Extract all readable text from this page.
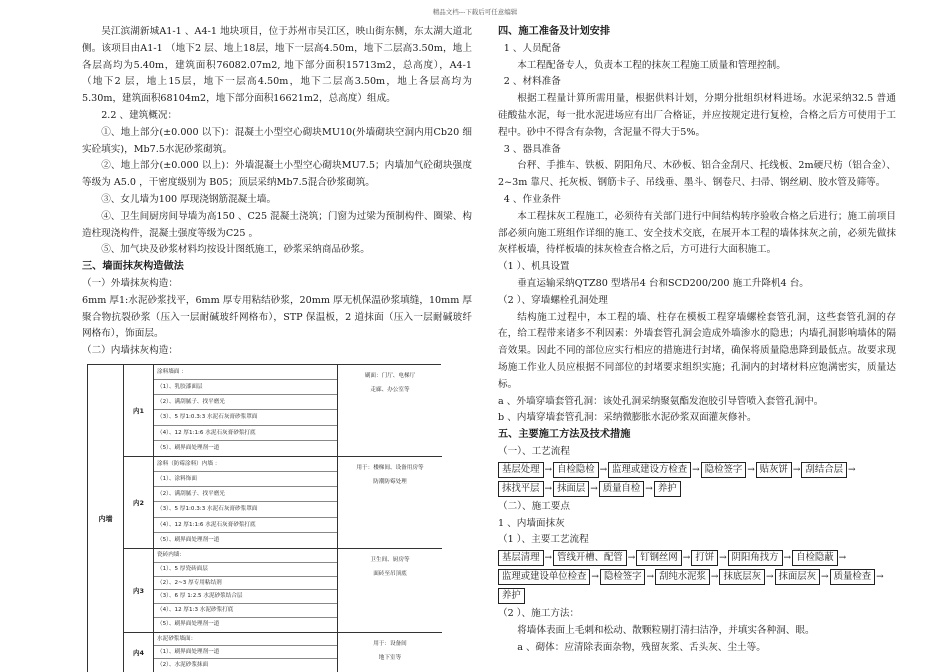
精品文档---下载后可任意编辑
吴江滨湖新城A1-1 、A4-1 地块项目，位于苏州市吴江区，映山街东侧，东太湖大道北侧。该项目由A1-1 （地下2 层、地上18层，地下一层高4.50m，地下二层高3.50m，地上各层高均为5.40m，建筑面积76082.07m2, 地下部分面积15713m2，总高度），A4-1 （地下2 层，地上15层，地下一层高4.50m，地下二层高3.50m，地上各层高均为5.30m，建筑面积68104m2，地下部分面积16621m2，总高度）组成。
2.2 、建筑概况：
①、地上部分(±0.000 以下)：混凝土小型空心砌块MU10(外墙砌块空洞内用Cb20 细实砼填实)，Mb7.5水泥砂浆砌筑。
②、地上部分(±0.000 以上)：外墙混凝土小型空心砌块MU7.5；内墙加气砼砌块强度等级为 A5.0 ，干密度级别为 B05；顶层采纳Mb7.5混合砂浆砌筑。
③、女儿墙为100 厚现浇钢筋混凝土墙。
④、卫生间厨房间导墙为高150 、C25 混凝土浇筑；门窗为过梁为预制构件、圈梁、构造柱现浇构件，混凝土强度等级为C25 。
⑤、加气块及砂浆材料均按设计图纸施工，砂浆采纳商品砂浆。
三、墙面抹灰构造做法
（一）外墙抹灰构造：
6mm 厚1:水泥砂浆找平，6mm 厚专用粘结砂浆，20mm 厚无机保温砂浆填缝，10mm 厚聚合物抗裂砂浆（压入一层耐碱玻纤网格布），STP 保温板，2 道抹面（压入一层耐碱玻纤网格布），饰面层。
（二）内墙抹灰构造：
内墙
内1
涂料墙面 ：
（1）、乳胶漆面层
（2）、满刮腻子、找平磨光
（3）、5 厚1:0.3:3 水泥石灰膏砂浆罩面
（4）、12 厚1:1:6 水泥石灰膏砂浆打底
（5）、刷界面处理剂一道
刷面：门厅、电梯厅
走廊、办公室等
内2
涂料（防霉涂料）内墙 ：
（1）、涂料饰面
（2）、满刮腻子、找平磨光
（3）、5 厚1:0.3:3 水泥石灰膏砂浆罩面
（4）、12 厚1:1:6 水泥石灰膏砂浆打底
（5）、刷界面处理剂一道
用于：楼梯间、设备用房等
防潮防霉处理
内3
瓷砖内墙：
（1）、5 厚瓷砖面层
（2）、2~3 厚专用粘结剂
（3）、6 厚 1:2.5 水泥砂浆结合层
（4）、12 厚1:3 水泥砂浆打底
（5）、刷界面处理剂一道
卫生间、厨房等
面砖至吊顶底
内4
水泥砂浆墙面：
（1）、刷界面处理剂一道
（2）、水泥砂浆抹面
用于：设备间
地下室等
四、施工准备及计划安排
1 、人员配备
本工程配备专人，负责本工程的抹灰工程施工质量和管理控制。
2 、材料准备
根据工程量计算所需用量，根据供料计划，分期分批组织材料进场。水泥采纳32.5 普通硅酸盐水泥，每一批水泥进场应有出厂合格证，并应按规定进行复检，合格之后方可使用于工程中。砂中不得含有杂物，含泥量不得大于5%。
3 、器具准备
台秤、手推车、铁板、阴阳角尺、木砂板、铝合金刮尺、托线板、2m硬尺枋（铝合金）、2~3m 靠尺、托灰板、钢筋卡子、吊线垂、墨斗、钢卷尺、扫帚、钢丝刷、胶水管及筛等。
4 、作业条件
本工程抹灰工程施工，必须待有关部门进行中间结构转序验收合格之后进行；施工前项目部必须向施工班组作详细的施工、安全技术交底，在展开本工程的墙体抹灰之前，必须先做抹灰样板墙，待样板墙的抹灰检查合格之后，方可进行大面积施工。
（1 ）、机具设置
垂直运输采纳QTZ80 型塔吊4 台和SCD200/200 施工升降机4 台。
（2 ）、穿墙螺栓孔洞处理
结构施工过程中，本工程的墙、柱存在模板工程穿墙螺栓套管孔洞，这些套管孔洞的存在，给工程带来诸多不利因素：外墙套管孔洞会造成外墙渗水的隐患；内墙孔洞影响墙体的隔音效果。因此不同的部位应实行相应的措施进行封堵，确保将质量隐患降到最低点。故要求现场施工作业人员应根据不同部位的封堵要求组织实施；孔洞内的封堵材料应饱满密实，质量达标。
a 、外墙穿墙套管孔洞：该处孔洞采纳聚氨酯发泡胶引导管喷入套管孔洞中。
b 、内墙穿墙套管孔洞：采纳微膨胀水泥砂浆双面灌灰修补。
五、主要施工方法及技术措施
（一）、工艺流程
基层处理 → 自检隐检 → 监理或建设方检查 → 隐检签字 → 贴灰饼 → 刮结合层 →
抹找平层 → 抹面层 → 质量自检 → 养护
（二）、施工要点
1 、内墙面抹灰
（1 ）、主要工艺流程
基层清理 → 管线开槽、配管 → 钉钢丝网 → 打饼 → 阴阳角找方 → 自检隐蔽 →
监理或建设单位检查 → 隐检签字 → 刮纯水泥浆 → 抹底层灰 → 抹面层灰 → 质量检查 →
养护
（2 ）、施工方法：
将墙体表面上毛刺和松动、散颗粒剔打清扫洁净，并填实各种洞、眼。
a 、砌体：应清除表面杂物，残留灰浆、舌头灰、尘土等。
